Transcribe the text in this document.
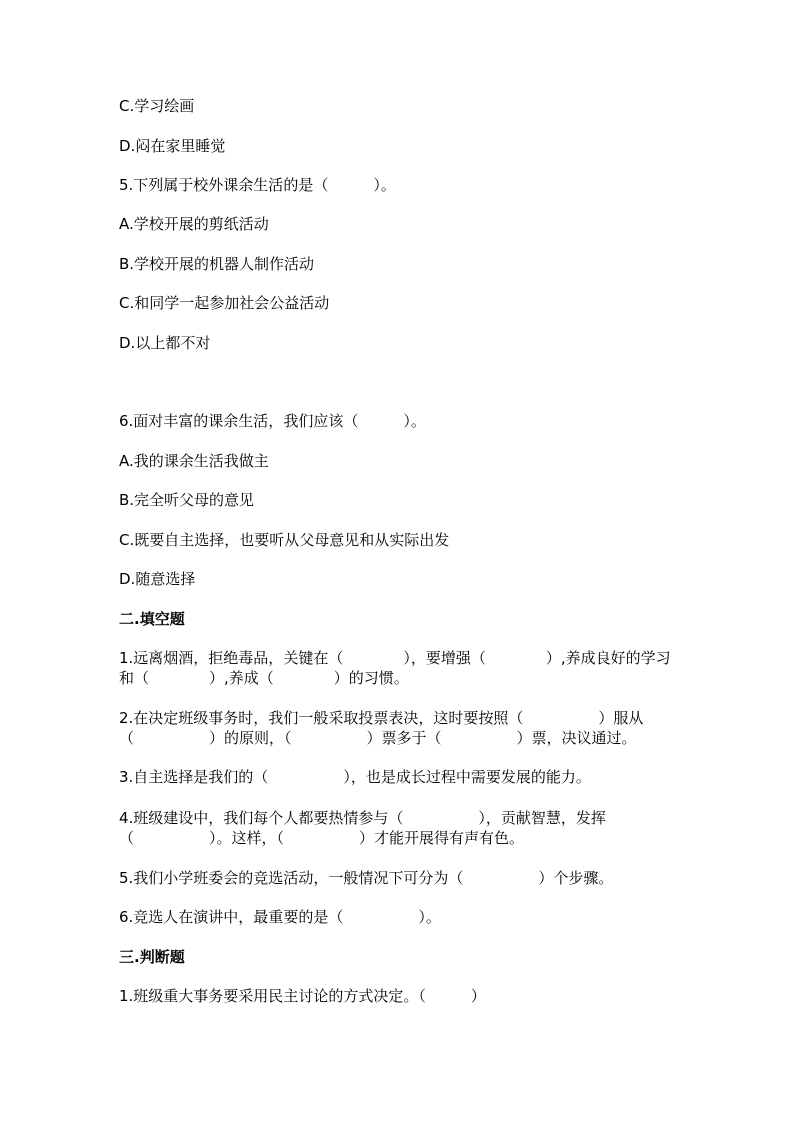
C.学习绘画
D.闷在家里睡觉
5.下列属于校外课余生活的是（　　　）。
A.学校开展的剪纸活动
B.学校开展的机器人制作活动
C.和同学一起参加社会公益活动
D.以上都不对
6.面对丰富的课余生活，我们应该（　　　）。
A.我的课余生活我做主
B.完全听父母的意见
C.既要自主选择，也要听从父母意见和从实际出发
D.随意选择
二.填空题
1.远离烟酒，拒绝毒品，关键在（　　　　），要增强（　　　　）,养成良好的学习和（　　　　）,养成（　　　　）的习惯。
2.在决定班级事务时，我们一般采取投票表决，这时要按照（　　　　　）服从（　　　　　）的原则，（　　　　　）票多于（　　　　　）票，决议通过。
3.自主选择是我们的（　　　　　），也是成长过程中需要发展的能力。
4.班级建设中，我们每个人都要热情参与（　　　　　），贡献智慧，发挥（　　　　　）。这样，（　　　　　）才能开展得有声有色。
5.我们小学班委会的竞选活动，一般情况下可分为（　　　　　）个步骤。
6.竞选人在演讲中，最重要的是（　　　　　）。
三.判断题
1.班级重大事务要采用民主讨论的方式决定。（　　　）
